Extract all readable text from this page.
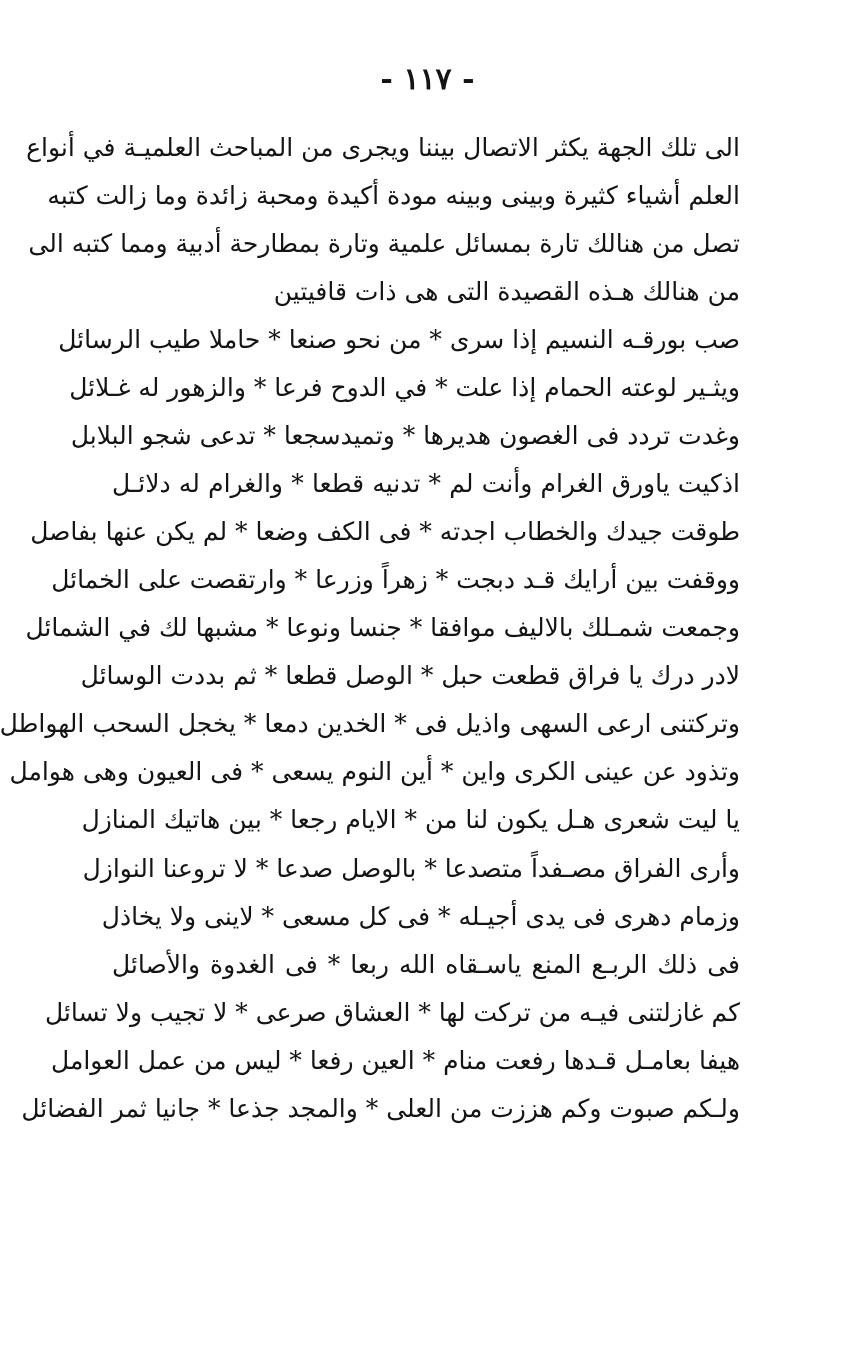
- ١١٧ -
الى تلك الجهة يكثر الاتصال بيننا ويجرى من المباحث العلميـة في أنواع
العلم أشياء كثيرة وبينى وبينه مودة أكيدة ومحبة زائدة وما زالت كتبه
تصل من هنالك تارة بمسائل علمية وتارة بمطارحة أدبية ومما كتبه الى
من هنالك هـذه القصيدة التى هى ذات قافيتين
صب بورقـه النسيم إذا سرى * من نحو صنعا * حاملا طيب الرسائل
ويثـير لوعته الحمام إذا علت * في الدوح فرعا * والزهور له غـلائل
وغدت تردد فى الغصون هديرها * وتميدسجعا * تدعى شجو البلابل
اذكيت ياورق الغرام وأنت لم * تدنيه قطعا * والغرام له دلائـل
طوقت جيدك والخطاب اجدته * فى الكف وضعا * لم يكن عنها بفاصل
ووقفت بين أرايك قـد دبجت * زهراً وزرعا * وارتقصت على الخمائل
وجمعت شمـلك بالاليف موافقا * جنسا ونوعا * مشبها لك في الشمائل
لادر درك يا فراق قطعت حبل * الوصل قطعا * ثم بددت الوسائل
وتركتنى ارعى السهى واذيل فى * الخدين دمعا * يخجل السحب الهواطل
وتذود عن عينى الكرى واين * أين النوم يسعى * فى العيون وهى هوامل
يا ليت شعرى هـل يكون لنا من * الايام رجعا * بين هاتيك المنازل
وأرى الفراق مصـفداً متصدعا * بالوصل صدعا * لا تروعنا النوازل
وزمام دهرى فى يدى أجيـله * فى كل مسعى * لاينى ولا يخاذل
فى ذلك الربـع المنع ياسـقاه الله ربعا * فى الغدوة والأصائل
كم غازلتنى فيـه من تركت لها * العشاق صرعى * لا تجيب ولا تسائل
هيفا بعامـل قـدها رفعت منام * العين رفعا * ليس من عمل العوامل
ولـكم صبوت وكم هززت من العلى * والمجد جذعا * جانيا ثمر الفضائل
